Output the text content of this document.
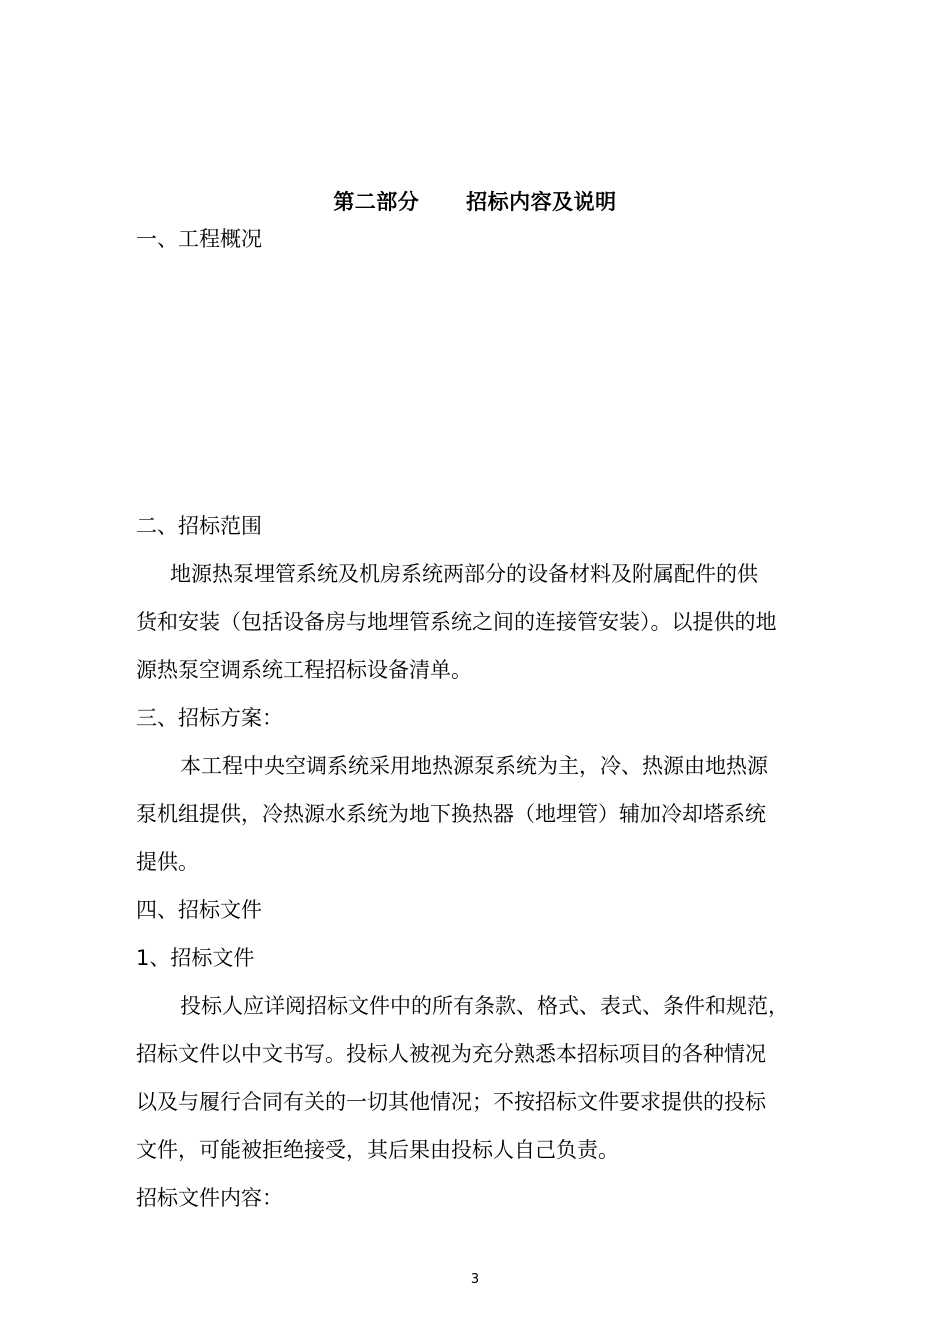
第二部分      招标内容及说明
一、工程概况
二、招标范围
地源热泵埋管系统及机房系统两部分的设备材料及附属配件的供
货和安装（包括设备房与地埋管系统之间的连接管安装）。以提供的地
源热泵空调系统工程招标设备清单。
三、招标方案：
本工程中央空调系统采用地热源泵系统为主，冷、热源由地热源
泵机组提供，冷热源水系统为地下换热器（地埋管）辅加冷却塔系统
提供。
四、招标文件
1、招标文件
投标人应详阅招标文件中的所有条款、格式、表式、条件和规范，
招标文件以中文书写。投标人被视为充分熟悉本招标项目的各种情况
以及与履行合同有关的一切其他情况；不按招标文件要求提供的投标
文件，可能被拒绝接受，其后果由投标人自己负责。
招标文件内容：
3
